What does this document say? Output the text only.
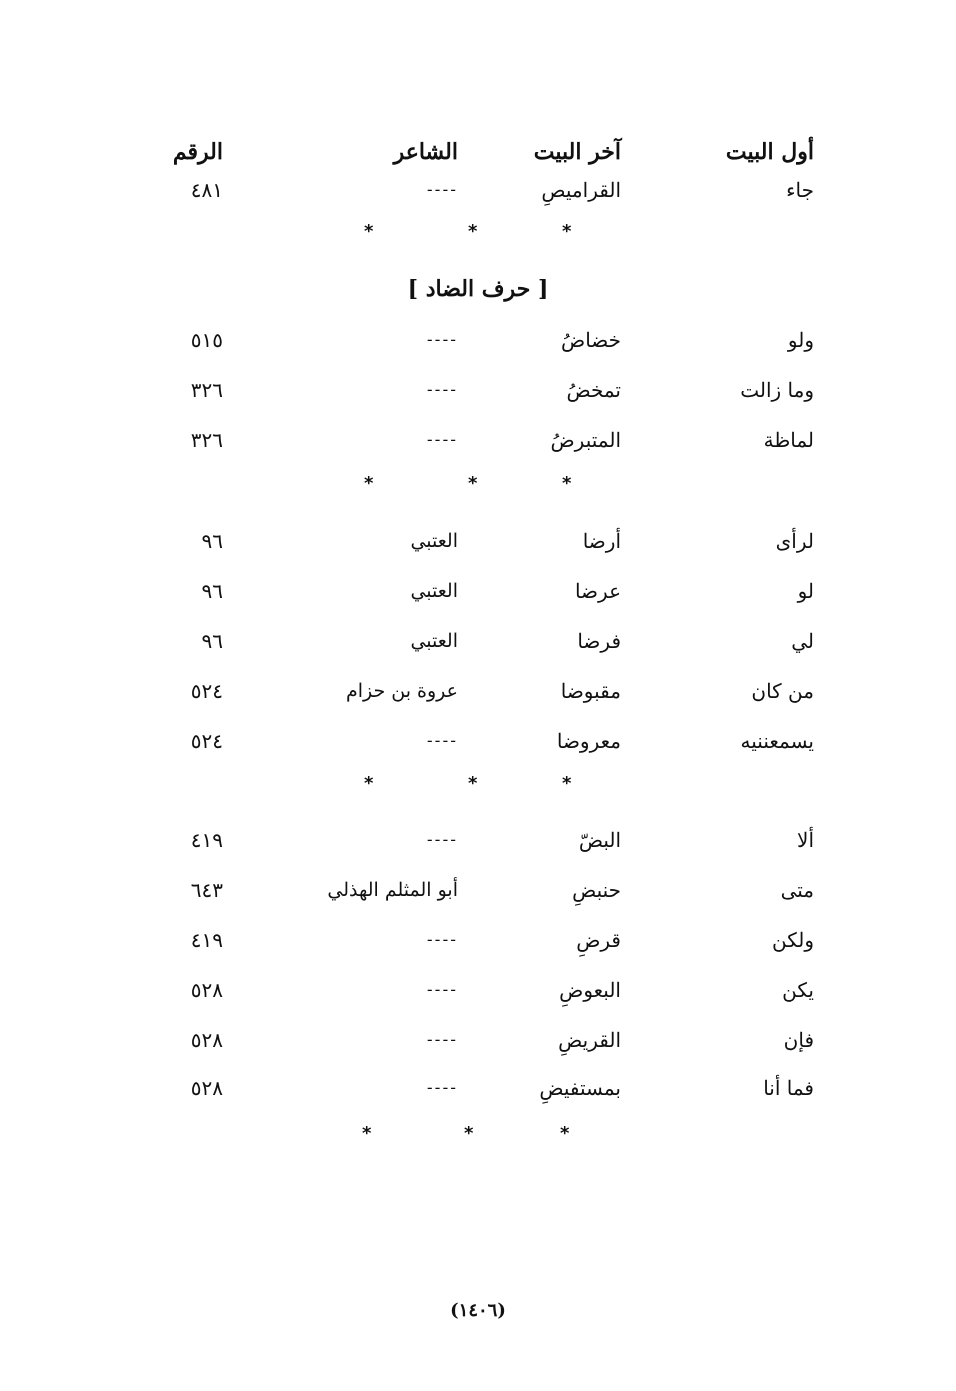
أول البيت
آخر البيت
الشاعر
الرقم
جاء
القراميصِ
----
٤٨١
*
*
*
[ حرف الضاد ]
ولو
خضاضُ
----
٥١٥
وما زالت
تمخضُ
----
٣٢٦
لماظة
المتبرضُ
----
٣٢٦
*
*
*
لرأى
أرضا
العتبي
٩٦
لو
عرضا
العتبي
٩٦
لي
فرضا
العتبي
٩٦
من كان
مقبوضا
عروة بن حزام
٥٢٤
يسمعننيه
معروضا
----
٥٢٤
*
*
*
ألا
البضّ
----
٤١٩
متى
حنبضِ
أبو المثلم الهذلي
٦٤٣
ولكن
قرضِ
----
٤١٩
يكن
البعوضِ
----
٥٢٨
فإن
القريضِ
----
٥٢٨
فما أنا
بمستفيضِ
----
٥٢٨
*
*
*
(١٤٠٦)
